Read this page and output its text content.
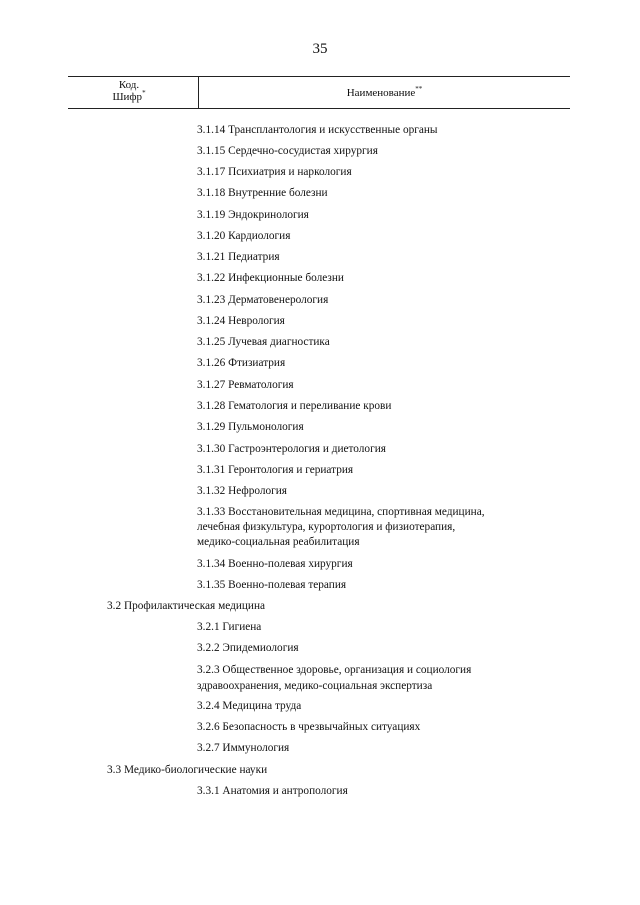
35
Код.
Шифр*	Наименование**
3.1.14 Трансплантология и искусственные органы
3.1.15 Сердечно-сосудистая хирургия
3.1.17 Психиатрия и наркология
3.1.18 Внутренние болезни
3.1.19 Эндокринология
3.1.20 Кардиология
3.1.21 Педиатрия
3.1.22 Инфекционные болезни
3.1.23 Дерматовенерология
3.1.24 Неврология
3.1.25 Лучевая диагностика
3.1.26 Фтизиатрия
3.1.27 Ревматология
3.1.28 Гематология и переливание крови
3.1.29 Пульмонология
3.1.30 Гастроэнтерология и диетология
3.1.31 Геронтология и гериатрия
3.1.32 Нефрология
3.1.33 Восстановительная медицина, спортивная медицина,
лечебная физкультура, курортология и физиотерапия,
медико-социальная реабилитация
3.1.34 Военно-полевая хирургия
3.1.35 Военно-полевая терапия
3.2 Профилактическая медицина
3.2.1 Гигиена
3.2.2 Эпидемиология
3.2.3 Общественное здоровье, организация и социология
здравоохранения, медико-социальная экспертиза
3.2.4 Медицина труда
3.2.6 Безопасность в чрезвычайных ситуациях
3.2.7 Иммунология
3.3 Медико-биологические науки
3.3.1 Анатомия и антропология
